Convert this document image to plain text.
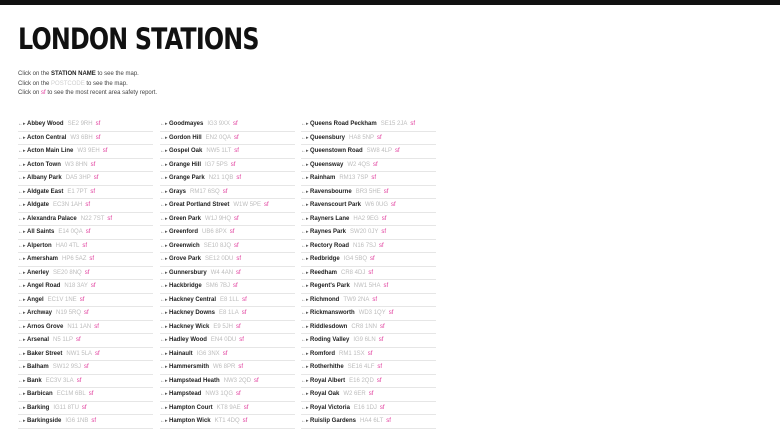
LONDON STATIONS
Click on the STATION NAME to see the map.
Click on the POSTCODE to see the map.
Click on sf to see the most recent area safety report.
←▸ Abbey Wood SE2 9RH sf
←▸ Acton Central W3 6BH sf
←▸ Acton Main Line W3 9EH sf
←▸ Acton Town W3 8HN sf
←▸ Albany Park DA5 3HP sf
←▸ Aldgate East E1 7PT sf
←▸ Aldgate EC3N 1AH sf
←▸ Alexandra Palace N22 7ST sf
←▸ All Saints E14 0QA sf
←▸ Alperton HA0 4TL sf
←▸ Amersham HP6 5AZ sf
←▸ Anerley SE20 8NQ sf
←▸ Angel Road N18 3AY sf
←▸ Angel EC1V 1NE sf
←▸ Archway N19 5RQ sf
←▸ Arnos Grove N11 1AN sf
←▸ Arsenal N5 1LP sf
←▸ Baker Street NW1 5LA sf
←▸ Balham SW12 9SJ sf
←▸ Bank EC3V 3LA sf
←▸ Barbican EC1M 6BL sf
←▸ Barking IG11 8TU sf
←▸ Barkingside IG6 1NB sf
←▸ Goodmayes IG3 9XX sf
←▸ Gordon Hill EN2 0QA sf
←▸ Gospel Oak NW5 1LT sf
←▸ Grange Hill IG7 5PS sf
←▸ Grange Park N21 1QB sf
←▸ Grays RM17 6SQ sf
←▸ Great Portland Street W1W 5PE sf
←▸ Green Park W1J 9HQ sf
←▸ Greenford UB6 8PX sf
←▸ Greenwich SE10 8JQ sf
←▸ Grove Park SE12 0DU sf
←▸ Gunnersbury W4 4AN sf
←▸ Hackbridge SM6 7BJ sf
←▸ Hackney Central E8 1LL sf
←▸ Hackney Downs E8 1LA sf
←▸ Hackney Wick E9 5JH sf
←▸ Hadley Wood EN4 0DU sf
←▸ Hainault IG6 3NX sf
←▸ Hammersmith W6 8PR sf
←▸ Hampstead Heath NW3 2QD sf
←▸ Hampstead NW3 1QG sf
←▸ Hampton Court KT8 9AE sf
←▸ Hampton Wick KT1 4DQ sf
←▸ Queens Road Peckham SE15 2JA sf
←▸ Queensbury HA8 5NP sf
←▸ Queenstown Road SW8 4LP sf
←▸ Queensway W2 4QS sf
←▸ Rainham RM13 7SP sf
←▸ Ravensbourne BR3 5HE sf
←▸ Ravenscourt Park W6 0UG sf
←▸ Rayners Lane HA2 9EG sf
←▸ Raynes Park SW20 0JY sf
←▸ Rectory Road N16 7SJ sf
←▸ Redbridge IG4 5BQ sf
←▸ Reedham CR8 4DJ sf
←▸ Regent's Park NW1 5HA sf
←▸ Richmond TW9 2NA sf
←▸ Rickmansworth WD3 1QY sf
←▸ Riddlesdown CR8 1NN sf
←▸ Roding Valley IG9 6LN sf
←▸ Romford RM1 1SX sf
←▸ Rotherhithe SE16 4LF sf
←▸ Royal Albert E16 2QD sf
←▸ Royal Oak W2 6ER sf
←▸ Royal Victoria E16 1DJ sf
←▸ Ruislip Gardens HA4 6LT sf
